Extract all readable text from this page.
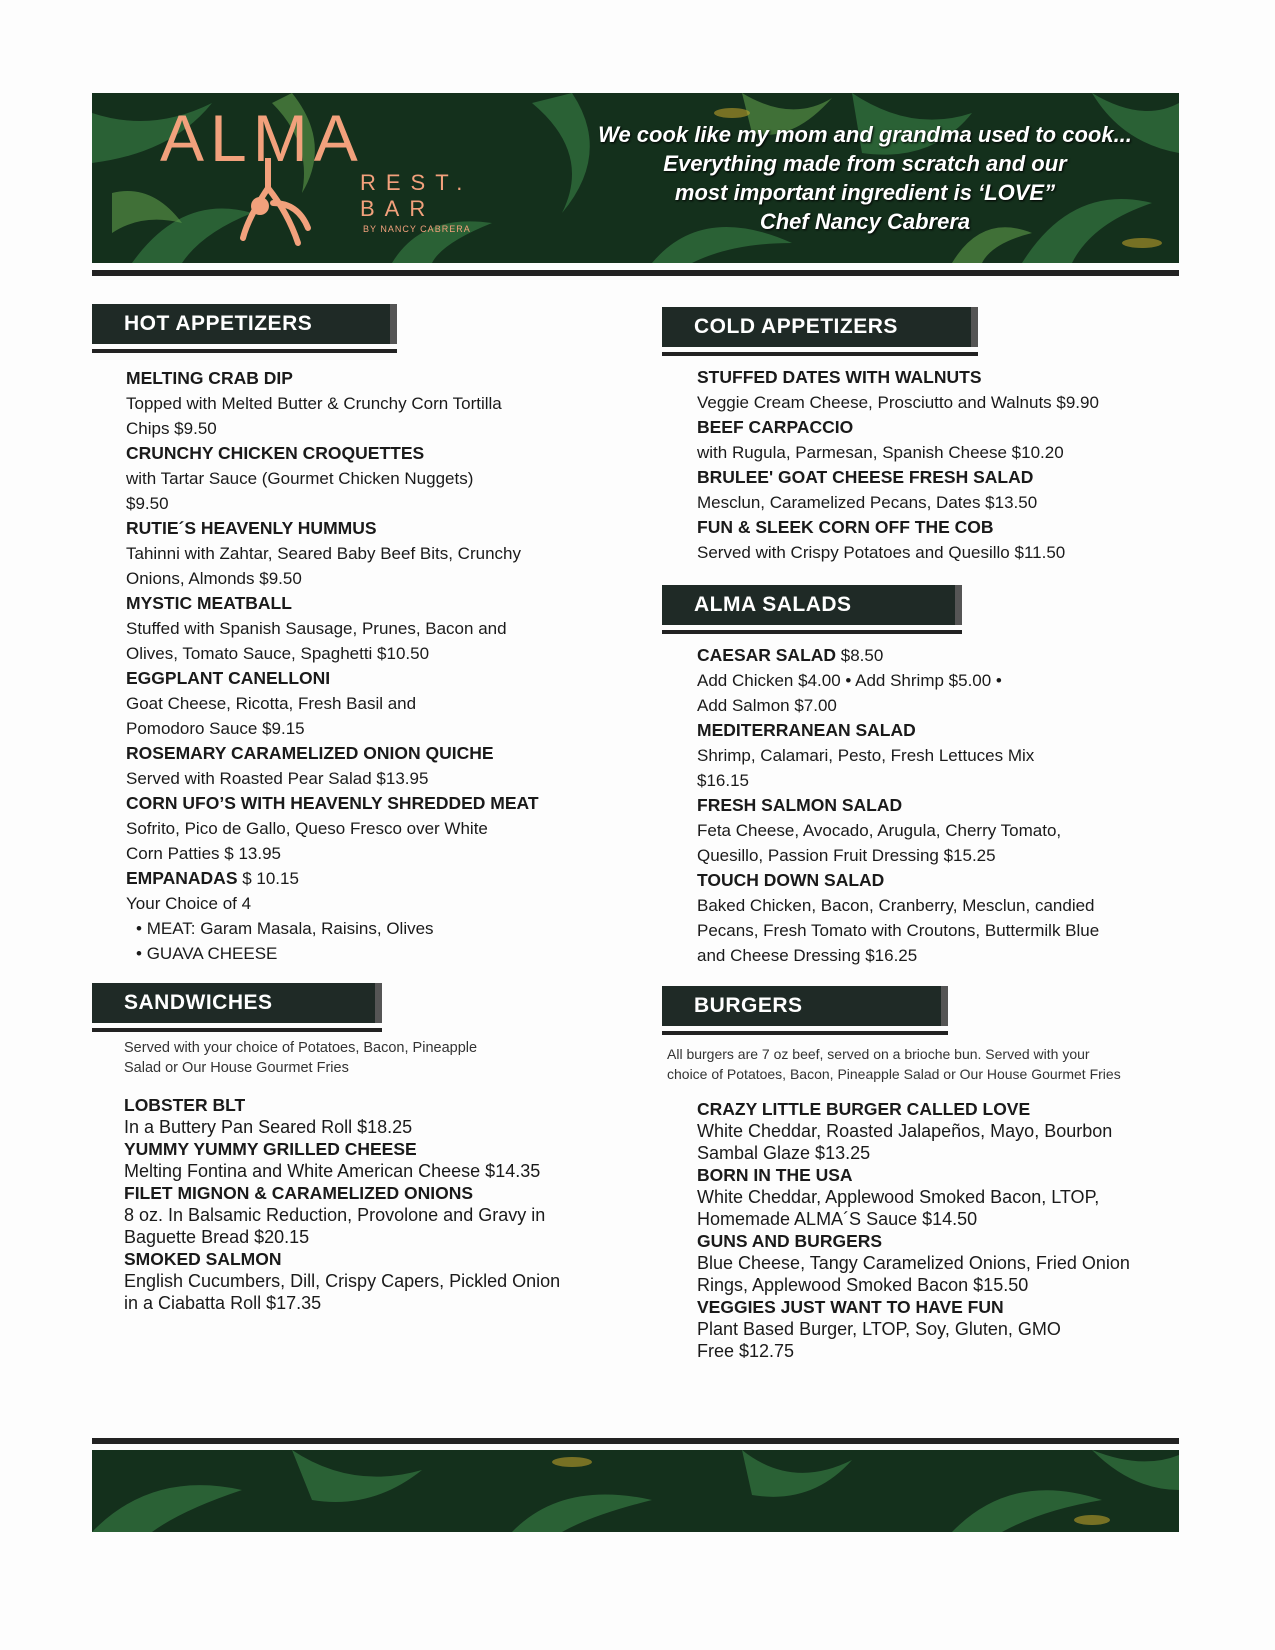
ALMA
REST.
BAR
BY NANCY CABRERA
We cook like my mom and grandma used to cook...
Everything made from scratch and our
most important ingredient is ‘LOVE”
Chef Nancy Cabrera
HOT APPETIZERS
MELTING CRAB DIP
Topped with Melted Butter & Crunchy Corn Tortilla
Chips $9.50
CRUNCHY CHICKEN CROQUETTES
with Tartar Sauce (Gourmet Chicken Nuggets)
$9.50
RUTIE´S HEAVENLY HUMMUS
Tahinni with Zahtar, Seared Baby Beef Bits, Crunchy
Onions, Almonds $9.50
MYSTIC MEATBALL
Stuffed with Spanish Sausage, Prunes, Bacon and
Olives, Tomato Sauce, Spaghetti $10.50
EGGPLANT CANELLONI
Goat Cheese, Ricotta, Fresh Basil and
Pomodoro Sauce $9.15
ROSEMARY CARAMELIZED ONION QUICHE
Served with Roasted Pear Salad $13.95
CORN UFO’S WITH HEAVENLY SHREDDED MEAT
Sofrito, Pico de Gallo, Queso Fresco over White
Corn Patties $ 13.95
EMPANADAS $ 10.15
Your Choice of 4
• MEAT: Garam Masala, Raisins, Olives
• GUAVA CHEESE
SANDWICHES
Served with your choice of Potatoes, Bacon, Pineapple
Salad or Our House Gourmet Fries
LOBSTER BLT
In a Buttery Pan Seared Roll $18.25
YUMMY YUMMY GRILLED CHEESE
Melting Fontina and White American Cheese $14.35
FILET MIGNON & CARAMELIZED ONIONS
8 oz. In Balsamic Reduction, Provolone and Gravy in
Baguette Bread $20.15
SMOKED SALMON
English Cucumbers, Dill, Crispy Capers, Pickled Onion
in a Ciabatta Roll $17.35
COLD APPETIZERS
STUFFED DATES WITH WALNUTS
Veggie Cream Cheese, Prosciutto and Walnuts $9.90
BEEF CARPACCIO
with Rugula, Parmesan, Spanish Cheese $10.20
BRULEE' GOAT CHEESE FRESH SALAD
Mesclun, Caramelized Pecans, Dates $13.50
FUN & SLEEK CORN OFF THE COB
Served with Crispy Potatoes and Quesillo $11.50
ALMA SALADS
CAESAR SALAD $8.50
Add Chicken $4.00 • Add Shrimp $5.00 •
Add Salmon $7.00
MEDITERRANEAN SALAD
Shrimp, Calamari, Pesto, Fresh Lettuces Mix
$16.15
FRESH SALMON SALAD
Feta Cheese, Avocado, Arugula, Cherry Tomato,
Quesillo, Passion Fruit Dressing $15.25
TOUCH DOWN SALAD
Baked Chicken, Bacon, Cranberry, Mesclun, candied
Pecans, Fresh Tomato with Croutons, Buttermilk Blue
and Cheese Dressing $16.25
BURGERS
All burgers are 7 oz beef, served on a brioche bun. Served with your
choice of Potatoes, Bacon, Pineapple Salad or Our House Gourmet Fries
CRAZY LITTLE BURGER CALLED LOVE
White Cheddar, Roasted Jalapeños, Mayo, Bourbon
Sambal Glaze $13.25
BORN IN THE USA
White Cheddar, Applewood Smoked Bacon, LTOP,
Homemade ALMA´S Sauce $14.50
GUNS AND BURGERS
Blue Cheese, Tangy Caramelized Onions, Fried Onion
Rings, Applewood Smoked Bacon $15.50
VEGGIES JUST WANT TO HAVE FUN
Plant Based Burger, LTOP, Soy, Gluten, GMO
Free $12.75
